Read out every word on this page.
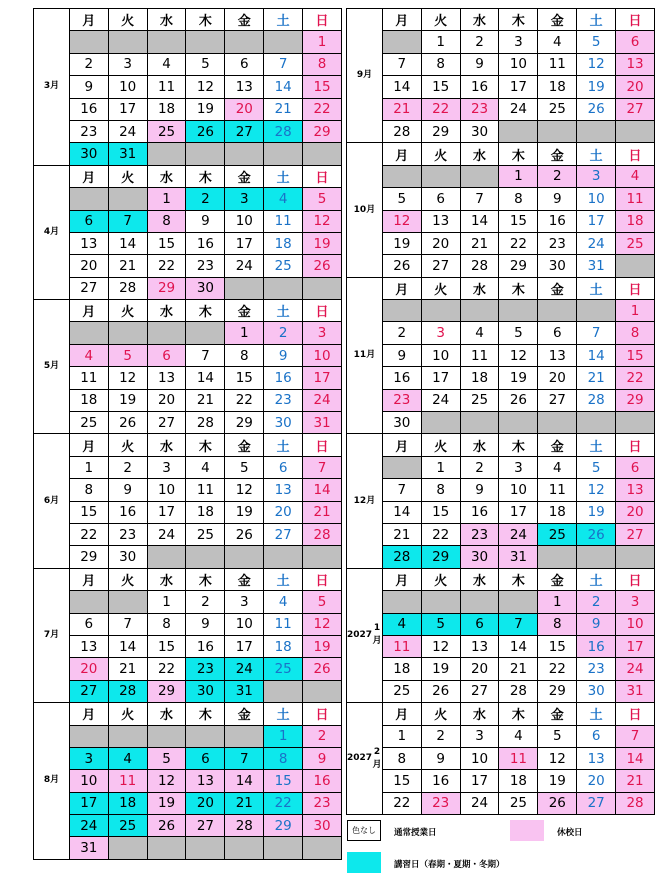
3月
月	火	水	木	金	土	日
						1
2	3	4	5	6	7	8
9	10	11	12	13	14	15
16	17	18	19	20	21	22
23	24	25	26	27	28	29
30	31					
4月
月	火	水	木	金	土	日
		1	2	3	4	5
6	7	8	9	10	11	12
13	14	15	16	17	18	19
20	21	22	23	24	25	26
27	28	29	30			
5月
月	火	水	木	金	土	日
				1	2	3
4	5	6	7	8	9	10
11	12	13	14	15	16	17
18	19	20	21	22	23	24
25	26	27	28	29	30	31
6月
月	火	水	木	金	土	日
1	2	3	4	5	6	7
8	9	10	11	12	13	14
15	16	17	18	19	20	21
22	23	24	25	26	27	28
29	30					
7月
月	火	水	木	金	土	日
		1	2	3	4	5
6	7	8	9	10	11	12
13	14	15	16	17	18	19
20	21	22	23	24	25	26
27	28	29	30	31		
8月
月	火	水	木	金	土	日
					1	2
3	4	5	6	7	8	9
10	11	12	13	14	15	16
17	18	19	20	21	22	23
24	25	26	27	28	29	30
31						
9月
月	火	水	木	金	土	日
	1	2	3	4	5	6
7	8	9	10	11	12	13
14	15	16	17	18	19	20
21	22	23	24	25	26	27
28	29	30				
10月
月	火	水	木	金	土	日
			1	2	3	4
5	6	7	8	9	10	11
12	13	14	15	16	17	18
19	20	21	22	23	24	25
26	27	28	29	30	31	
11月
月	火	水	木	金	土	日
						1
2	3	4	5	6	7	8
9	10	11	12	13	14	15
16	17	18	19	20	21	22
23	24	25	26	27	28	29
30						
12月
月	火	水	木	金	土	日
	1	2	3	4	5	6
7	8	9	10	11	12	13
14	15	16	17	18	19	20
21	22	23	24	25	26	27
28	29	30	31			
2027
1月
月	火	水	木	金	土	日
				1	2	3
4	5	6	7	8	9	10
11	12	13	14	15	16	17
18	19	20	21	22	23	24
25	26	27	28	29	30	31
2027
2月
月	火	水	木	金	土	日
1	2	3	4	5	6	7
8	9	10	11	12	13	14
15	16	17	18	19	20	21
22	23	24	25	26	27	28
色なし 通常授業日	休校日
講習日（春期・夏期・冬期）
